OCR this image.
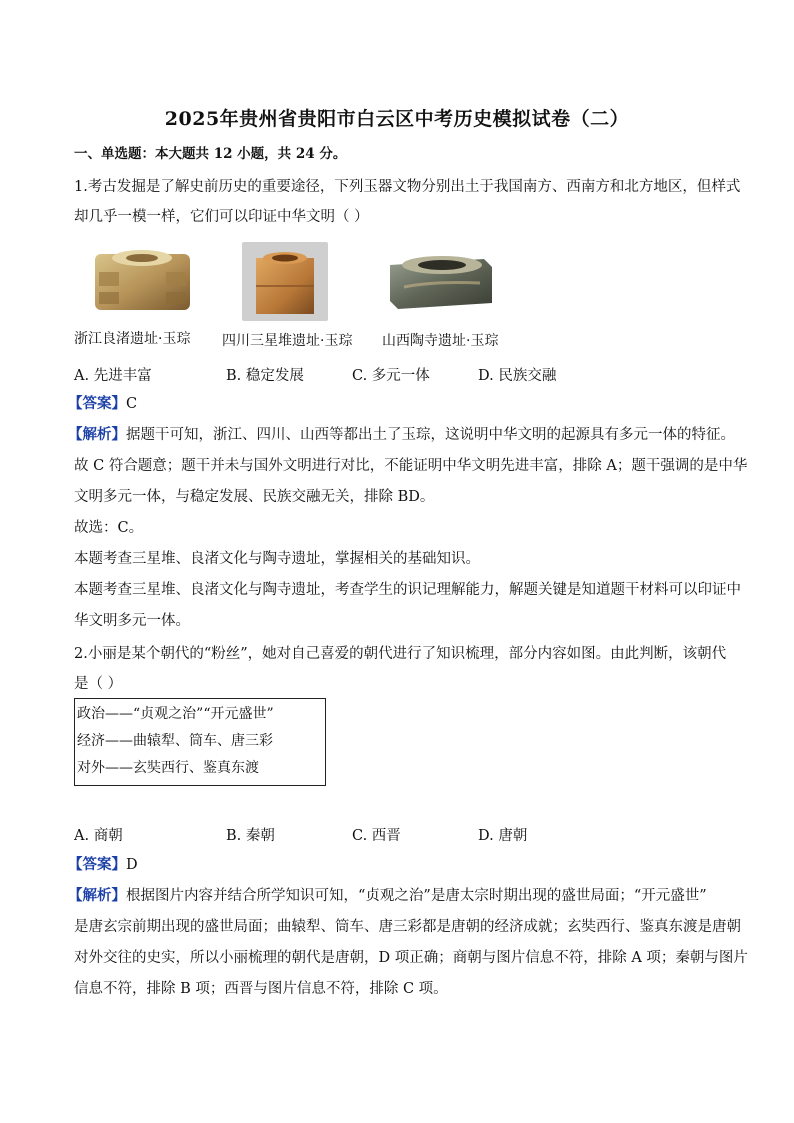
2025年贵州省贵阳市白云区中考历史模拟试卷（二）
一、单选题：本大题共 12 小题，共 24 分。
1.考古发掘是了解史前历史的重要途径，下列玉器文物分别出土于我国南方、西南方和北方地区，但样式
却几乎一模一样，它们可以印证中华文明（ ）
浙江良渚遗址·玉琮 四川三星堆遗址·玉琮 山西陶寺遗址·玉琮
A. 先进丰富	B. 稳定发展	C. 多元一体	D. 民族交融
【答案】C
【解析】据题干可知，浙江、四川、山西等都出土了玉琮，这说明中华文明的起源具有多元一体的特征。
故 C 符合题意；题干并未与国外文明进行对比，不能证明中华文明先进丰富，排除 A；题干强调的是中华
文明多元一体，与稳定发展、民族交融无关，排除 BD。
故选：C。
本题考查三星堆、良渚文化与陶寺遗址，掌握相关的基础知识。
本题考查三星堆、良渚文化与陶寺遗址，考查学生的识记理解能力，解题关键是知道题干材料可以印证中
华文明多元一体。
2.小丽是某个朝代的“粉丝”，她对自己喜爱的朝代进行了知识梳理，部分内容如图。由此判断，该朝代
是（ ）
政治——“贞观之治”“开元盛世”
经济——曲辕犁、筒车、唐三彩
对外——玄奘西行、鉴真东渡
A. 商朝	B. 秦朝	C. 西晋	D. 唐朝
【答案】D
【解析】根据图片内容并结合所学知识可知，“贞观之治”是唐太宗时期出现的盛世局面；“开元盛世”
是唐玄宗前期出现的盛世局面；曲辕犁、筒车、唐三彩都是唐朝的经济成就；玄奘西行、鉴真东渡是唐朝
对外交往的史实，所以小丽梳理的朝代是唐朝，D 项正确；商朝与图片信息不符，排除 A 项；秦朝与图片
信息不符，排除 B 项；西晋与图片信息不符，排除 C 项。
